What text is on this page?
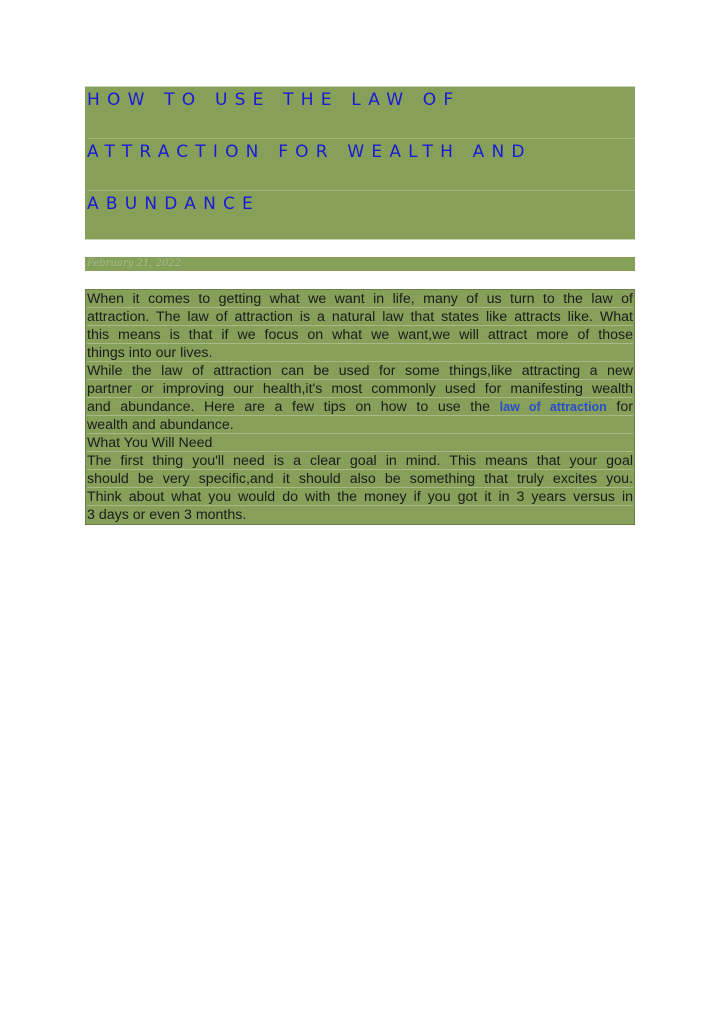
HOW TO USE THE LAW OF
ATTRACTION FOR WEALTH AND
ABUNDANCE
February 21, 2022
When it comes to getting what we want in life, many of us turn to the law of
attraction. The law of attraction is a natural law that states like attracts like. What
this means is that if we focus on what we want,we will attract more of those
things into our lives.
While the law of attraction can be used for some things,like attracting a new
partner or improving our health,it's most commonly used for manifesting wealth
and abundance. Here are a few tips on how to use the law of attraction for
wealth and abundance.
What You Will Need
The first thing you'll need is a clear goal in mind. This means that your goal
should be very specific,and it should also be something that truly excites you.
Think about what you would do with the money if you got it in 3 years versus in
3 days or even 3 months.
